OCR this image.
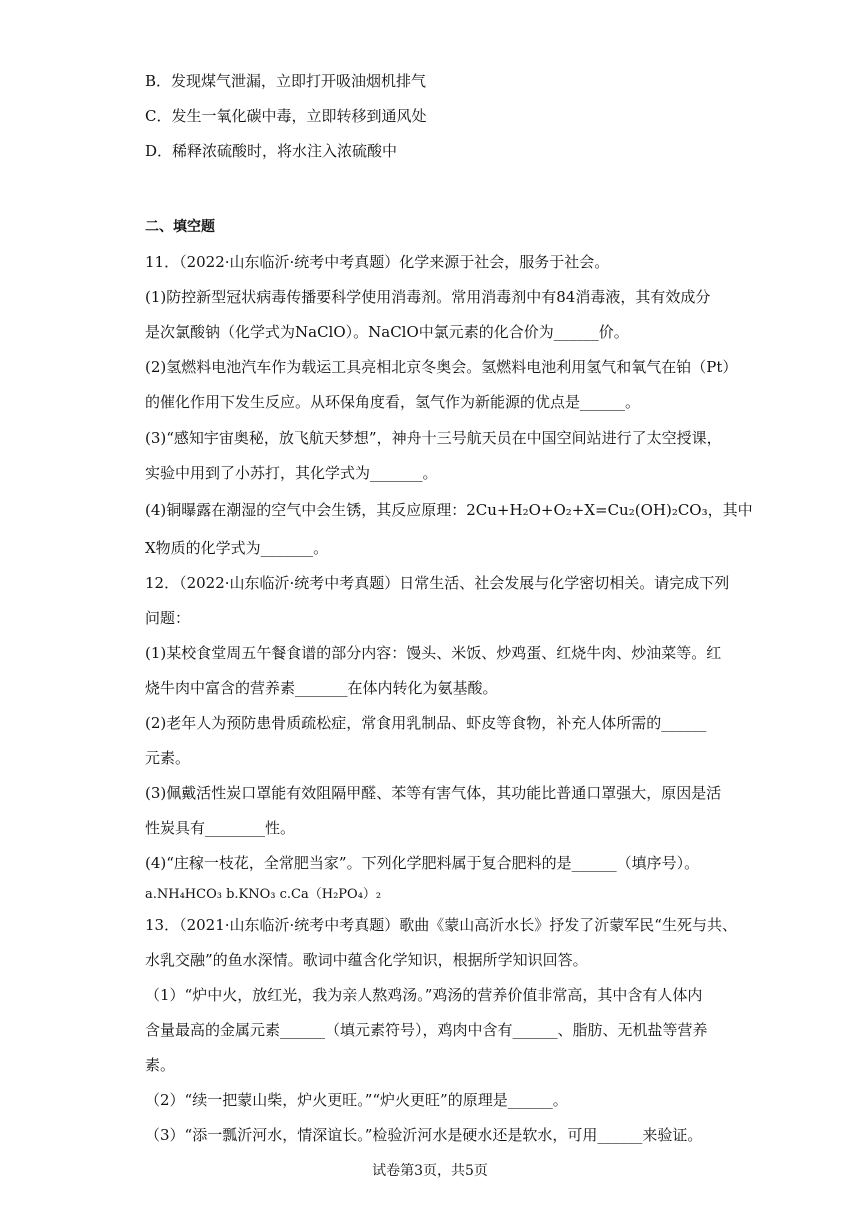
B．发现煤气泄漏，立即打开吸油烟机排气
C．发生一氧化碳中毒，立即转移到通风处
D．稀释浓硫酸时，将水注入浓硫酸中
二、填空题
11．（2022·山东临沂·统考中考真题）化学来源于社会，服务于社会。
(1)防控新型冠状病毒传播要科学使用消毒剂。常用消毒剂中有84消毒液，其有效成分
是次氯酸钠（化学式为NaClO）。NaClO中氯元素的化合价为______价。
(2)氢燃料电池汽车作为载运工具亮相北京冬奥会。氢燃料电池利用氢气和氧气在铂（Pt）
的催化作用下发生反应。从环保角度看，氢气作为新能源的优点是______。
(3)“感知宇宙奥秘，放飞航天梦想”，神舟十三号航天员在中国空间站进行了太空授课，
实验中用到了小苏打，其化学式为_______。
(4)铜曝露在潮湿的空气中会生锈，其反应原理：2Cu+H₂O+O₂+X=Cu₂(OH)₂CO₃，其中
X物质的化学式为_______。
12．（2022·山东临沂·统考中考真题）日常生活、社会发展与化学密切相关。请完成下列
问题：
(1)某校食堂周五午餐食谱的部分内容：馒头、米饭、炒鸡蛋、红烧牛肉、炒油菜等。红
烧牛肉中富含的营养素_______在体内转化为氨基酸。
(2)老年人为预防患骨质疏松症，常食用乳制品、虾皮等食物，补充人体所需的______
元素。
(3)佩戴活性炭口罩能有效阻隔甲醛、苯等有害气体，其功能比普通口罩强大，原因是活
性炭具有________性。
(4)“庄稼一枝花，全常肥当家”。下列化学肥料属于复合肥料的是______（填序号）。
a.NH₄HCO₃ b.KNO₃ c.Ca（H₂PO₄）₂
13．（2021·山东临沂·统考中考真题）歌曲《蒙山高沂水长》抒发了沂蒙军民“生死与共、
水乳交融”的鱼水深情。歌词中蕴含化学知识，根据所学知识回答。
（1）“炉中火，放红光，我为亲人熬鸡汤。”鸡汤的营养价值非常高，其中含有人体内
含量最高的金属元素______（填元素符号），鸡肉中含有______、脂肪、无机盐等营养
素。
（2）“续一把蒙山柴，炉火更旺。”“炉火更旺”的原理是______。
（3）“添一瓢沂河水，情深谊长。”检验沂河水是硬水还是软水，可用______来验证。
试卷第3页，共5页
